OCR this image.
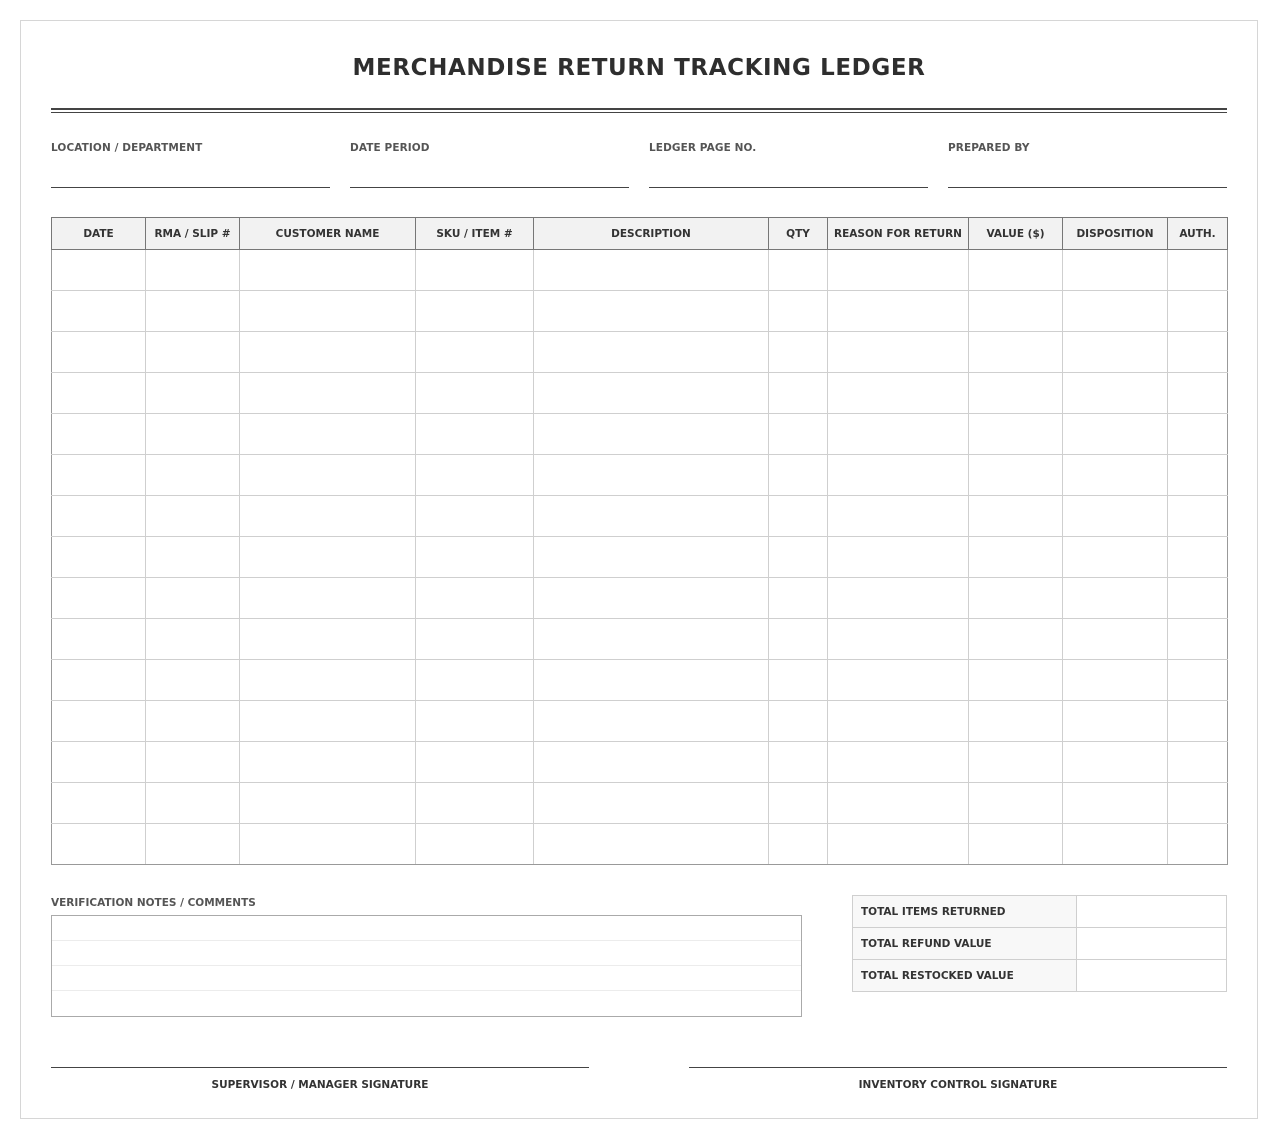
MERCHANDISE RETURN TRACKING LEDGER
LOCATION / DEPARTMENT	DATE PERIOD	LEDGER PAGE NO.	PREPARED BY
DATE	RMA / SLIP #	CUSTOMER NAME	SKU / ITEM #	DESCRIPTION	QTY	REASON FOR RETURN	VALUE ($)	DISPOSITION	AUTH.

VERIFICATION NOTES / COMMENTS
TOTAL ITEMS RETURNED	
TOTAL REFUND VALUE	
TOTAL RESTOCKED VALUE	
SUPERVISOR / MANAGER SIGNATURE	INVENTORY CONTROL SIGNATURE
